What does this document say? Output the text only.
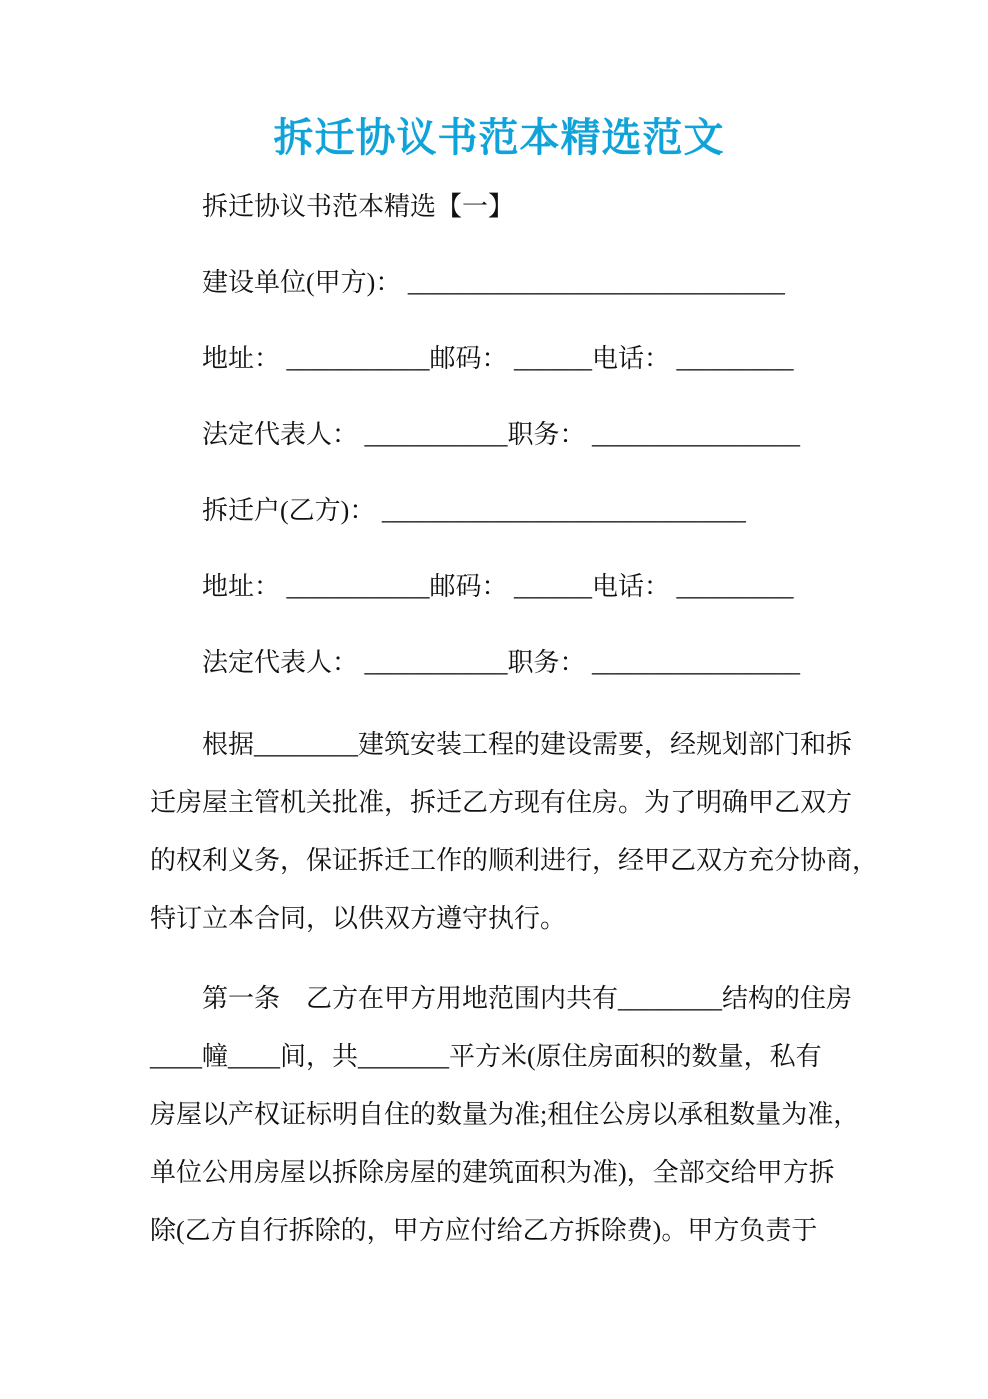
拆迁协议书范本精选范文

拆迁协议书范本精选【一】

建设单位(甲方)： _____________________________

地址： ___________邮码： ______电话： _________

法定代表人： ___________职务： ________________

拆迁户(乙方)： ____________________________

地址： ___________邮码： ______电话： _________

法定代表人： ___________职务： ________________

根据________建筑安装工程的建设需要，经规划部门和拆

迁房屋主管机关批准，拆迁乙方现有住房。为了明确甲乙双方

的权利义务，保证拆迁工作的顺利进行，经甲乙双方充分协商，

特订立本合同，以供双方遵守执行。

第一条　乙方在甲方用地范围内共有________结构的住房

____幢____间，共_______平方米(原住房面积的数量，私有

房屋以产权证标明自住的数量为准;租住公房以承租数量为准，

单位公用房屋以拆除房屋的建筑面积为准)，全部交给甲方拆

除(乙方自行拆除的，甲方应付给乙方拆除费)。甲方负责于
